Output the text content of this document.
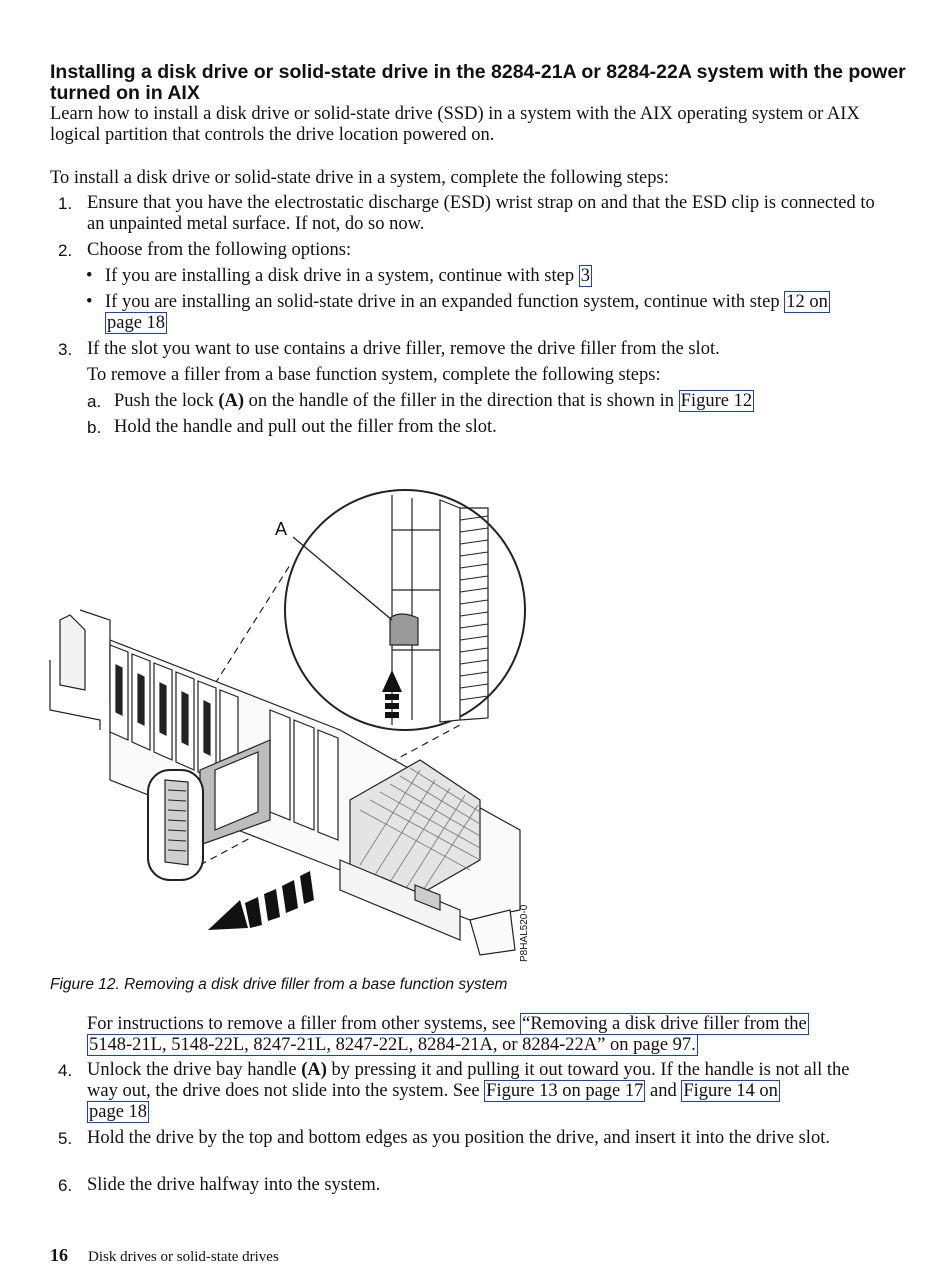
Installing a disk drive or solid-state drive in the 8284-21A or 8284-22A system with the power turned on in AIX

Learn how to install a disk drive or solid-state drive (SSD) in a system with the AIX operating system or AIX logical partition that controls the drive location powered on.

To install a disk drive or solid-state drive in a system, complete the following steps:

1. Ensure that you have the electrostatic discharge (ESD) wrist strap on and that the ESD clip is connected to an unpainted metal surface. If not, do so now.
2. Choose from the following options:
• If you are installing a disk drive in a system, continue with step 3
• If you are installing an solid-state drive in an expanded function system, continue with step 12 on
page 18
3. If the slot you want to use contains a drive filler, remove the drive filler from the slot.

To remove a filler from a base function system, complete the following steps:

a. Push the lock (A) on the handle of the filler in the direction that is shown in Figure 12
b. Hold the handle and pull out the filler from the slot.
A
P8HAL520-0
Figure 12. Removing a disk drive filler from a base function system

For instructions to remove a filler from other systems, see “Removing a disk drive filler from the
5148-21L, 5148-22L, 8247-21L, 8247-22L, 8284-21A, or 8284-22A” on page 97.

4. Unlock the drive bay handle (A) by pressing it and pulling it out toward you. If the handle is not all the way out, the drive does not slide into the system. See Figure 13 on page 17 and Figure 14 on
page 18
5. Hold the drive by the top and bottom edges as you position the drive, and insert it into the drive slot.
6. Slide the drive halfway into the system.
16 Disk drives or solid-state drives
